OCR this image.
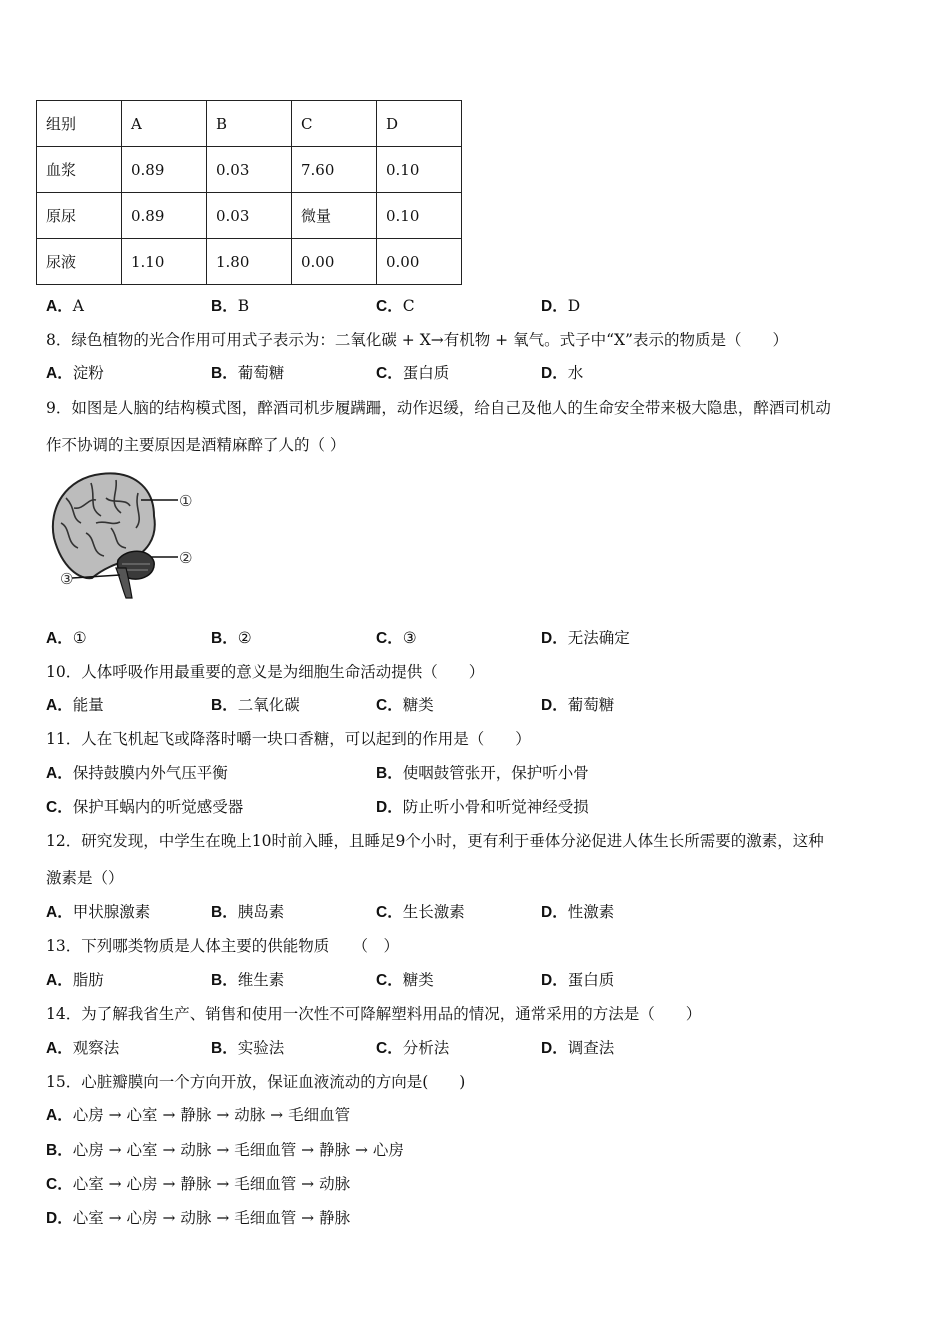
组别	A	B	C	D
血浆	0.89	0.03	7.60	0.10
原尿	0.89	0.03	微量	0.10
尿液	1.10	1.80	0.00	0.00
A．A	B．B	C．C	D．D
8．绿色植物的光合作用可用式子表示为：二氧化碳 + X→有机物 + 氧气。式子中“X”表示的物质是（　　）
A．淀粉	B．葡萄糖	C．蛋白质	D．水
9．如图是人脑的结构模式图，醉酒司机步履蹒跚，动作迟缓，给自己及他人的生命安全带来极大隐患，醉酒司机动
作不协调的主要原因是酒精麻醉了人的（ ）
①
②
③
A．①	B．②	C．③	D．无法确定
10．人体呼吸作用最重要的意义是为细胞生命活动提供（　　）
A．能量	B．二氧化碳	C．糖类	D．葡萄糖
11．人在飞机起飞或降落时嚼一块口香糖，可以起到的作用是（　　）
A．保持鼓膜内外气压平衡	B．使咽鼓管张开，保护听小骨
C．保护耳蜗内的听觉感受器	D．防止听小骨和听觉神经受损
12．研究发现，中学生在晚上10时前入睡，且睡足9个小时，更有利于垂体分泌促进人体生长所需要的激素，这种
激素是（）
A．甲状腺激素	B．胰岛素	C．生长激素	D．性激素
13．下列哪类物质是人体主要的供能物质　　（　）
A．脂肪	B．维生素	C．糖类	D．蛋白质
14．为了解我省生产、销售和使用一次性不可降解塑料用品的情况，通常采用的方法是（　　）
A．观察法	B．实验法	C．分析法	D．调查法
15．心脏瓣膜向一个方向开放，保证血液流动的方向是(　　)
A．心房 → 心室 → 静脉 → 动脉 → 毛细血管
B．心房 → 心室 → 动脉 → 毛细血管 → 静脉 → 心房
C．心室 → 心房 → 静脉 → 毛细血管 → 动脉
D．心室 → 心房 → 动脉 → 毛细血管 → 静脉
